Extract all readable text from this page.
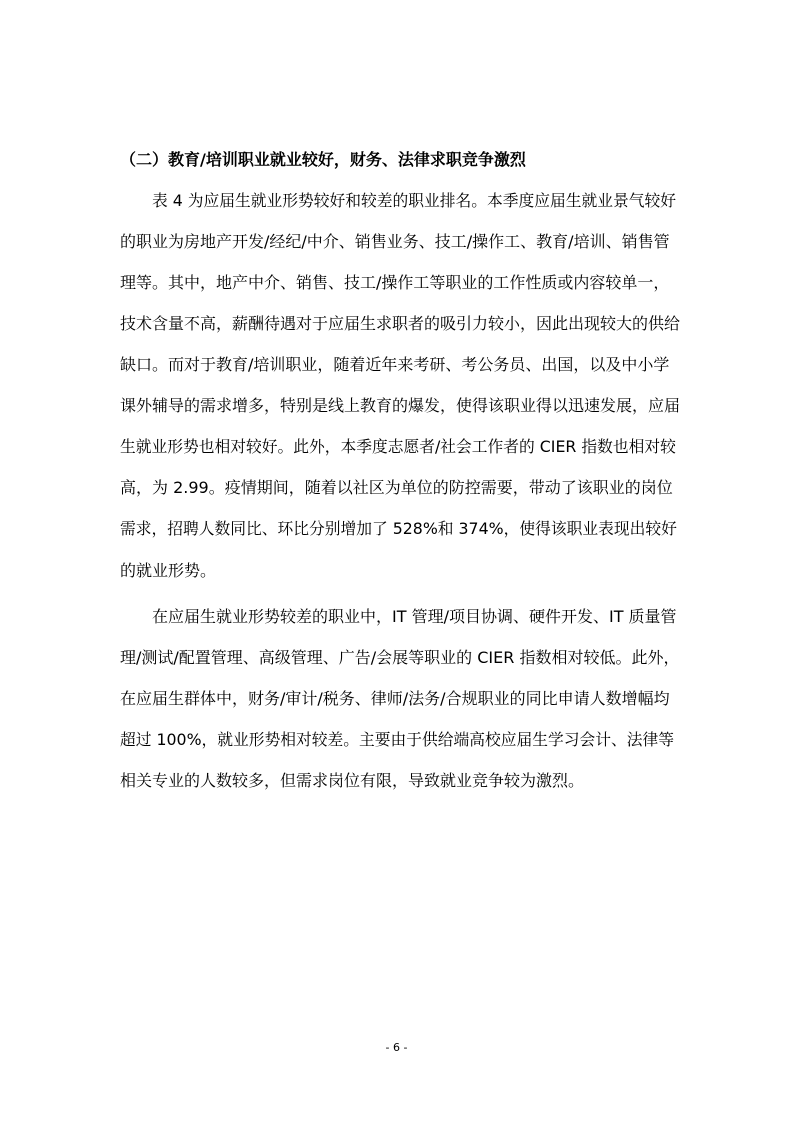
（二）教育/培训职业就业较好，财务、法律求职竞争激烈
表 4 为应届生就业形势较好和较差的职业排名。本季度应届生就业景气较好
的职业为房地产开发/经纪/中介、销售业务、技工/操作工、教育/培训、销售管
理等。其中，地产中介、销售、技工/操作工等职业的工作性质或内容较单一，
技术含量不高，薪酬待遇对于应届生求职者的吸引力较小，因此出现较大的供给
缺口。而对于教育/培训职业，随着近年来考研、考公务员、出国，以及中小学
课外辅导的需求增多，特别是线上教育的爆发，使得该职业得以迅速发展，应届
生就业形势也相对较好。此外，本季度志愿者/社会工作者的 CIER 指数也相对较
高，为 2.99。疫情期间，随着以社区为单位的防控需要，带动了该职业的岗位
需求，招聘人数同比、环比分别增加了 528%和 374%，使得该职业表现出较好
的就业形势。
在应届生就业形势较差的职业中，IT 管理/项目协调、硬件开发、IT 质量管
理/测试/配置管理、高级管理、广告/会展等职业的 CIER 指数相对较低。此外，
在应届生群体中，财务/审计/税务、律师/法务/合规职业的同比申请人数增幅均
超过 100%，就业形势相对较差。主要由于供给端高校应届生学习会计、法律等
相关专业的人数较多，但需求岗位有限，导致就业竞争较为激烈。
- 6 -
